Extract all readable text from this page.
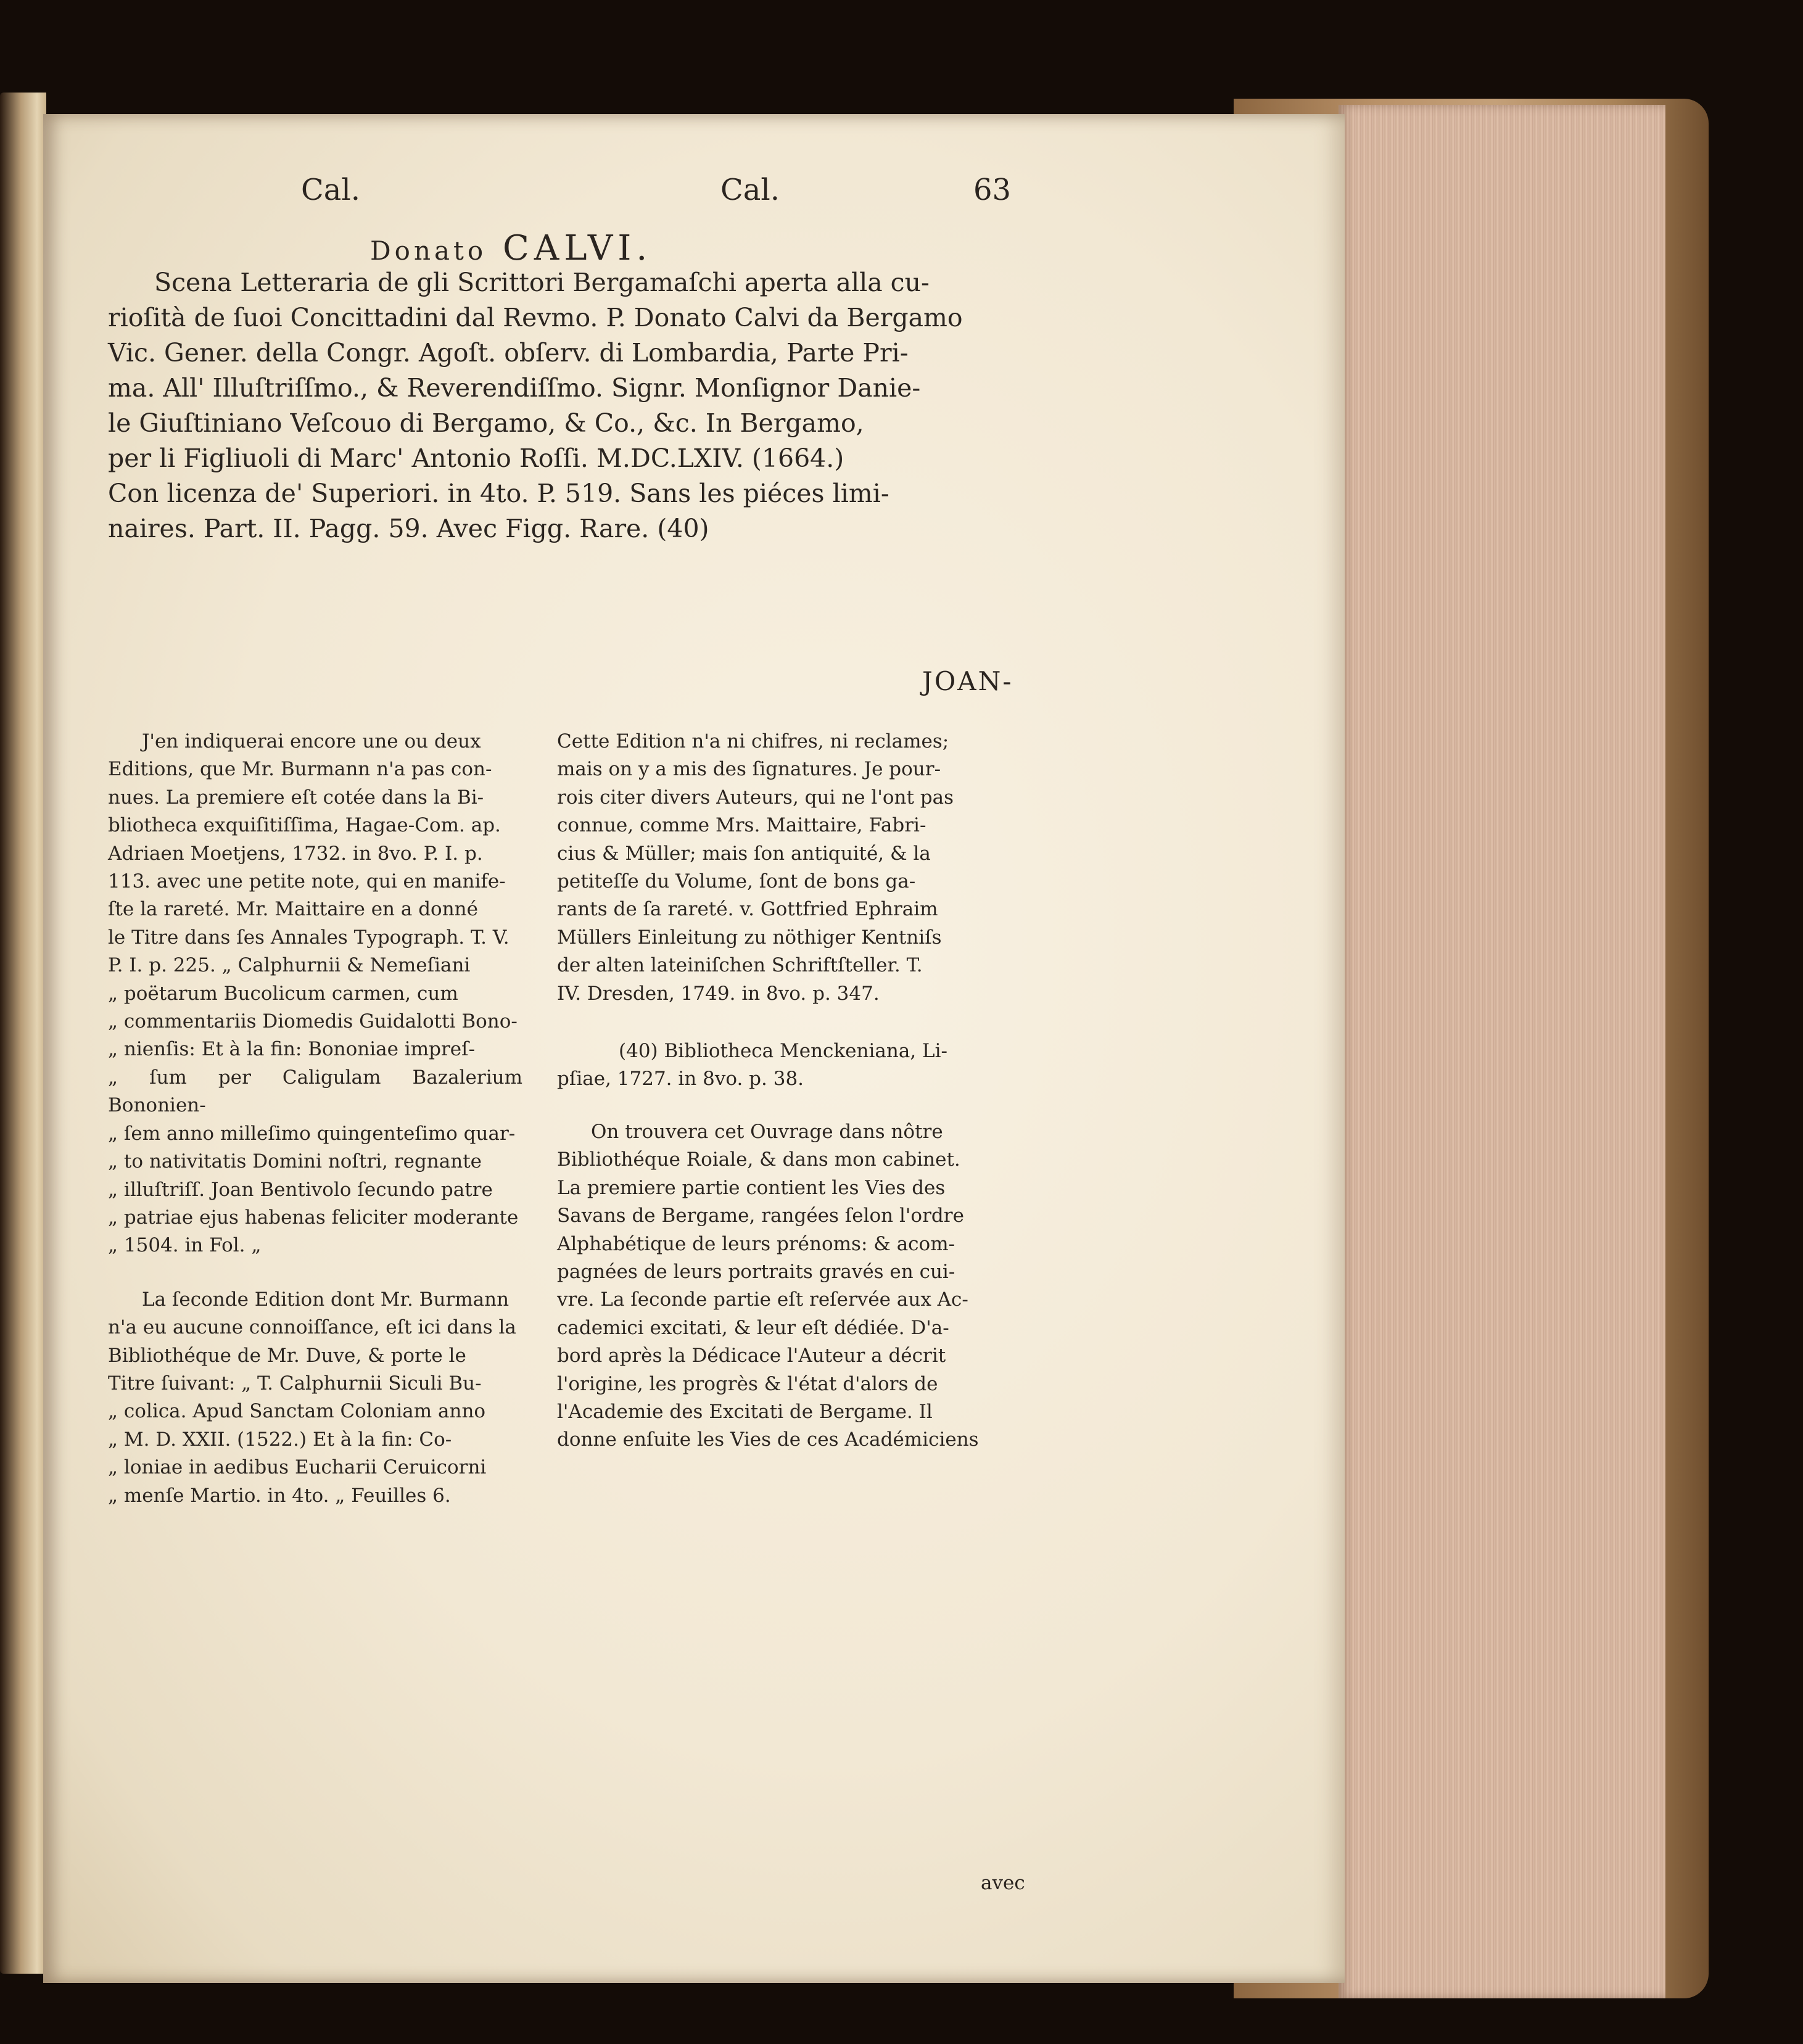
Cal.	Cal.	63
Donato CALVI.
Scena Letteraria de gli Scrittori Bergamaſchi aperta alla cu-
rioſità de ſuoi Concittadini dal Revmo. P. Donato Calvi da Bergamo
Vic. Gener. della Congr. Agoſt. obſerv. di Lombardia, Parte Pri-
ma. All' Illuſtriſſmo., & Reverendiſſmo. Signr. Monſignor Danie-
le Giuſtiniano Veſcouo di Bergamo, & Co., &c. In Bergamo,
per li Figliuoli di Marc' Antonio Roſſi. M.DC.LXIV. (1664.)
Con licenza de' Superiori. in 4to. P. 519. Sans les piéces limi-
naires. Part. II. Pagg. 59. Avec Figg. Rare. (40)
JOAN-
J'en indiquerai encore une ou deux
Editions, que Mr. Burmann n'a pas con-
nues. La premiere eſt cotée dans la Bi-
bliotheca exquiſitiſſima, Hagae-Com. ap.
Adriaen Moetjens, 1732. in 8vo. P. I. p.
113. avec une petite note, qui en manife-
ſte la rareté. Mr. Maittaire en a donné
le Titre dans ſes Annales Typograph. T. V.
P. I. p. 225. „ Calphurnii & Nemeſiani
„ poëtarum Bucolicum carmen, cum
„ commentariis Diomedis Guidalotti Bono-
„ nienſis: Et à la fin: Bononiae impreſ-
„ ſum per Caligulam Bazalerium Bononien-
„ ſem anno milleſimo quingenteſimo quar-
„ to nativitatis Domini noſtri, regnante
„ illuſtriſſ. Joan Bentivolo ſecundo patre
„ patriae ejus habenas feliciter moderante
„ 1504. in Fol. „
La ſeconde Edition dont Mr. Burmann
n'a eu aucune connoiſſance, eſt ici dans la
Bibliothéque de Mr. Duve, & porte le
Titre ſuivant: „ T. Calphurnii Siculi Bu-
„ colica. Apud Sanctam Coloniam anno
„ M. D. XXII. (1522.) Et à la fin: Co-
„ loniae in aedibus Eucharii Ceruicorni
„ menſe Martio. in 4to. „ Feuilles 6.
Cette Edition n'a ni chifres, ni reclames;
mais on y a mis des ſignatures. Je pour-
rois citer divers Auteurs, qui ne l'ont pas
connue, comme Mrs. Maittaire, Fabri-
cius & Müller; mais ſon antiquité, & la
petiteſſe du Volume, ſont de bons ga-
rants de ſa rareté. v. Gottfried Ephraim
Müllers Einleitung zu nöthiger Kentniſs
der alten lateiniſchen Schriftſteller. T.
IV. Dresden, 1749. in 8vo. p. 347.
(40) Bibliotheca Menckeniana, Li-
pſiae, 1727. in 8vo. p. 38.
On trouvera cet Ouvrage dans nôtre
Bibliothéque Roiale, & dans mon cabinet.
La premiere partie contient les Vies des
Savans de Bergame, rangées ſelon l'ordre
Alphabétique de leurs prénoms: & acom-
pagnées de leurs portraits gravés en cui-
vre. La ſeconde partie eſt reſervée aux Ac-
cademici excitati, & leur eſt dédiée. D'a-
bord après la Dédicace l'Auteur a décrit
l'origine, les progrès & l'état d'alors de
l'Academie des Excitati de Bergame. Il
donne enſuite les Vies de ces Académiciens
avec
